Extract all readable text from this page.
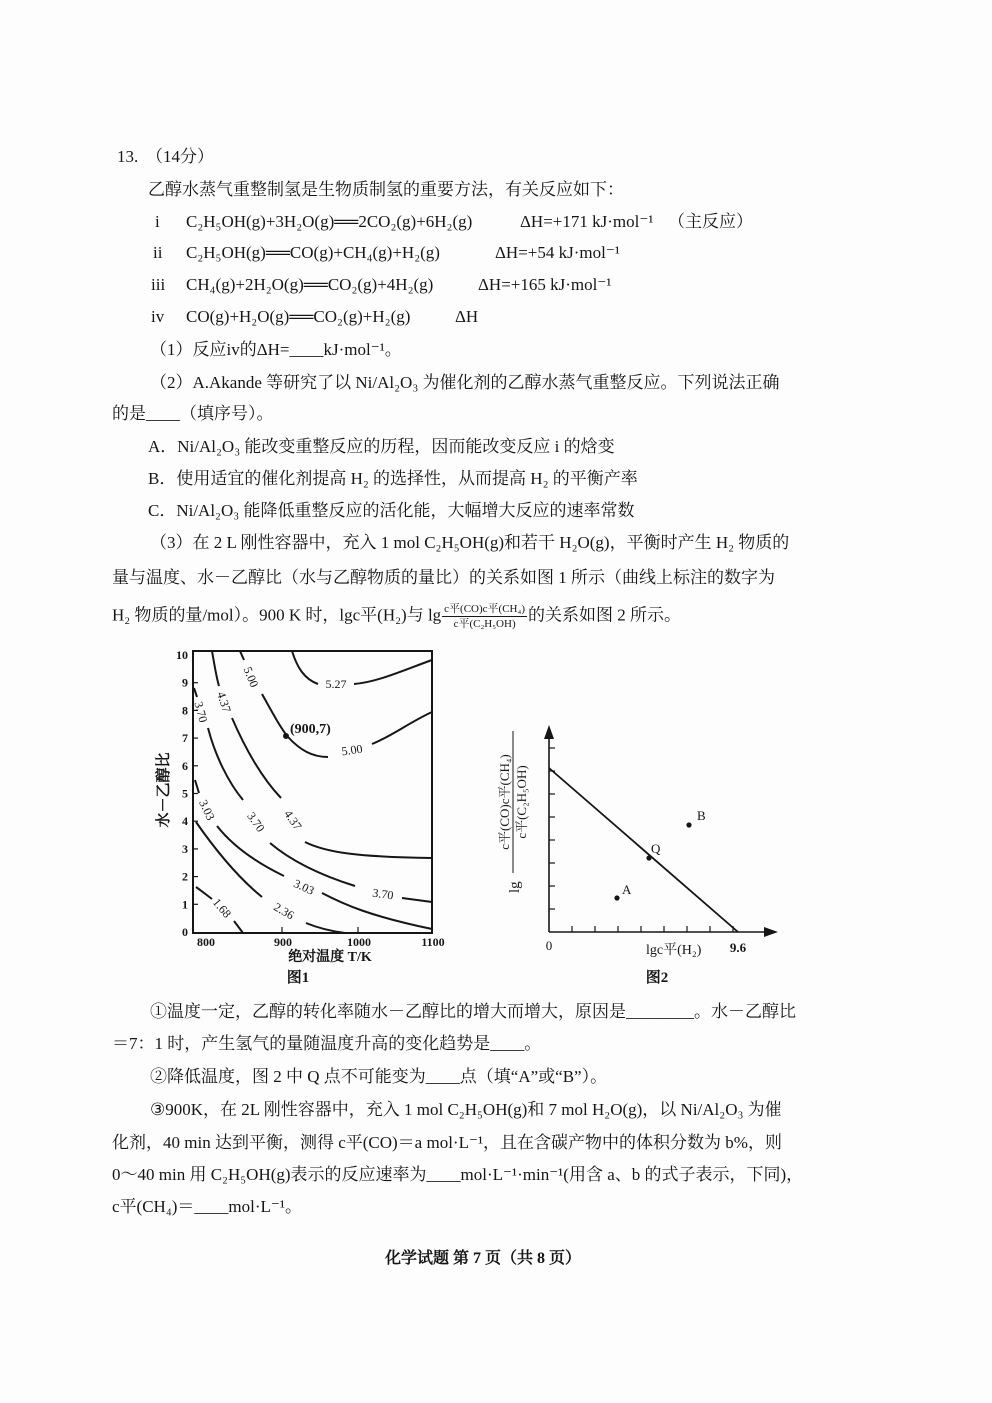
13. （14分）
乙醇水蒸气重整制氢是生物质制氢的重要方法，有关反应如下：
i C₂H₅OH(g)+3H₂O(g)══2CO₂(g)+6H₂(g)	ΔH=+171 kJ·mol⁻¹ （主反应）
ii C₂H₅OH(g)══CO(g)+CH₄(g)+H₂(g)	ΔH=+54 kJ·mol⁻¹
iii CH₄(g)+2H₂O(g)══CO₂(g)+4H₂(g)	ΔH=+165 kJ·mol⁻¹
iv CO(g)+H₂O(g)══CO₂(g)+H₂(g)	ΔH
（1）反应iv的ΔH=____kJ·mol⁻¹。
（2）A.Akande 等研究了以 Ni/Al₂O₃ 为催化剂的乙醇水蒸气重整反应。下列说法正确
的是____（填序号）。
A．Ni/Al₂O₃ 能改变重整反应的历程，因而能改变反应 i 的焓变
B．使用适宜的催化剂提高 H₂ 的选择性，从而提高 H₂ 的平衡产率
C．Ni/Al₂O₃ 能降低重整反应的活化能，大幅增大反应的速率常数
（3）在 2 L 刚性容器中，充入 1 mol C₂H₅OH(g)和若干 H₂O(g)，平衡时产生 H₂ 物质的
量与温度、水－乙醇比（水与乙醇物质的量比）的关系如图 1 所示（曲线上标注的数字为
H₂ 物质的量/mol）。900 K 时，lgc平(H₂)与 $\lg \frac{\text{c平(CO)c平(CH₄)}}{\text{c平(C₂H₅OH)}}$ 的关系如图 2 所示。
0
1
2
3
4
5
6
7
8
9
10
800	900	1000	1100
水－乙醇比
绝对温度 T/K
图1
5.27
5.00
5.00
4.37
4.37
3.70
3.70
3.70
3.03
3.03
2.36
1.68
(900,7)
A
Q
B
0	9.6
lgc平(H₂)
lg
c平(CO)c平(CH₄) c平(C₂H₅OH)
图2
①温度一定，乙醇的转化率随水－乙醇比的增大而增大，原因是________。水－乙醇比
＝7：1 时，产生氢气的量随温度升高的变化趋势是____。
②降低温度，图 2 中 Q 点不可能变为____点（填“A”或“B”）。
③900K，在 2L 刚性容器中，充入 1 mol C₂H₅OH(g)和 7 mol H₂O(g)，以 Ni/Al₂O₃ 为催
化剂，40 min 达到平衡，测得 c平(CO)＝a mol·L⁻¹，且在含碳产物中的体积分数为 b%，则
0～40 min 用 C₂H₅OH(g)表示的反应速率为____mol·L⁻¹·min⁻¹(用含 a、b 的式子表示，下同)，
c平(CH₄)＝____mol·L⁻¹。
化学试题 第 7 页（共 8 页）
